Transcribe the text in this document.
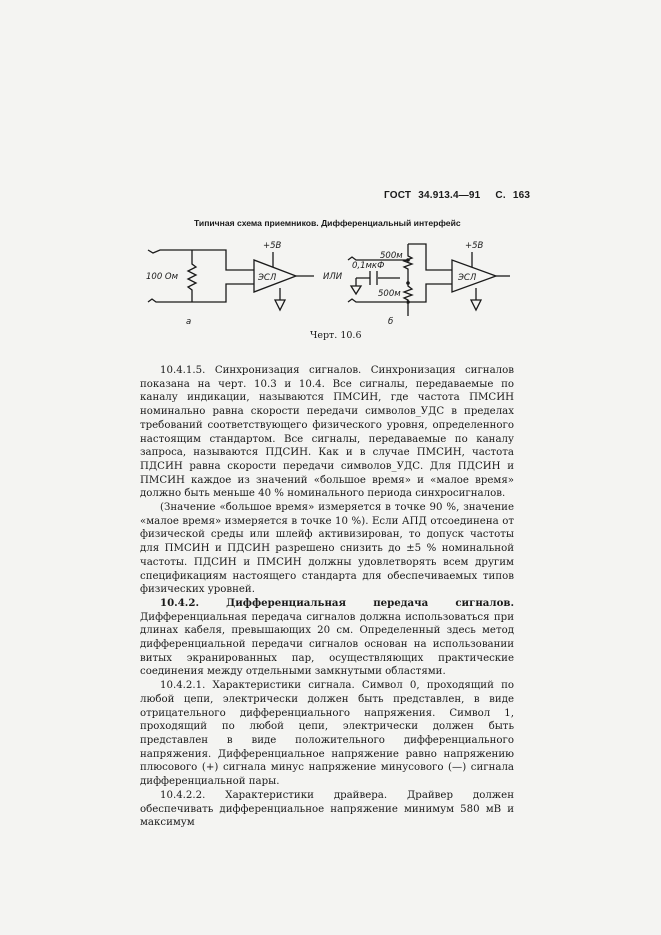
ГОСТ 34.913.4—91 С. 163
Типичная схема приемников. Дифференциальный интерфейс
+5В
100 Ом	ЭСЛ	ИЛИ
0,1мкФ
500м
500м
+5В
ЭСЛ
а	б
Черт. 10.6

10.4.1.5. Синхронизация сигналов. Синхронизация сигналов показана на черт. 10.3 и 10.4. Все сигналы, передаваемые по каналу индикации, называются ПМСИН, где частота ПМСИН номинально равна скорости передачи символов_УДС в пределах требований соответствующего физического уровня, определенного настоящим стандартом. Все сигналы, передаваемые по каналу запроса, называются ПДСИН. Как и в случае ПМСИН, частота ПДСИН равна скорости передачи символов_УДС. Для ПДСИН и ПМСИН каждое из значений «большое время» и «малое время» должно быть меньше 40 % номинального периода синхросигналов.

(Значение «большое время» измеряется в точке 90 %, значение «малое время» измеряется в точке 10 %). Если АПД отсоединена от физической среды или шлейф активизирован, то допуск частоты для ПМСИН и ПДСИН разрешено снизить до ±5 % номинальной частоты. ПДСИН и ПМСИН должны удовлетворять всем другим спецификациям настоящего стандарта для обеспечиваемых типов физических уровней.

10.4.2. Дифференциальная передача сигналов. Дифференциальная передача сигналов должна использоваться при длинах кабеля, превышающих 20 см. Определенный здесь метод дифференциальной передачи сигналов основан на использовании витых экранированных пар, осуществляющих практические соединения между отдельными замкнутыми областями.

10.4.2.1. Характеристики сигнала. Символ 0, проходящий по любой цепи, электрически должен быть представлен, в виде отрицательного дифференциального напряжения. Символ 1, проходящий по любой цепи, электрически должен быть представлен в виде положительного дифференциального напряжения. Дифференциальное напряжение равно напряжению плюсового (+) сигнала минус напряжение минусового (—) сигнала дифференциальной пары.

10.4.2.2. Характеристики драйвера. Драйвер должен обеспечивать дифференциальное напряжение минимум 580 мВ и максимум
